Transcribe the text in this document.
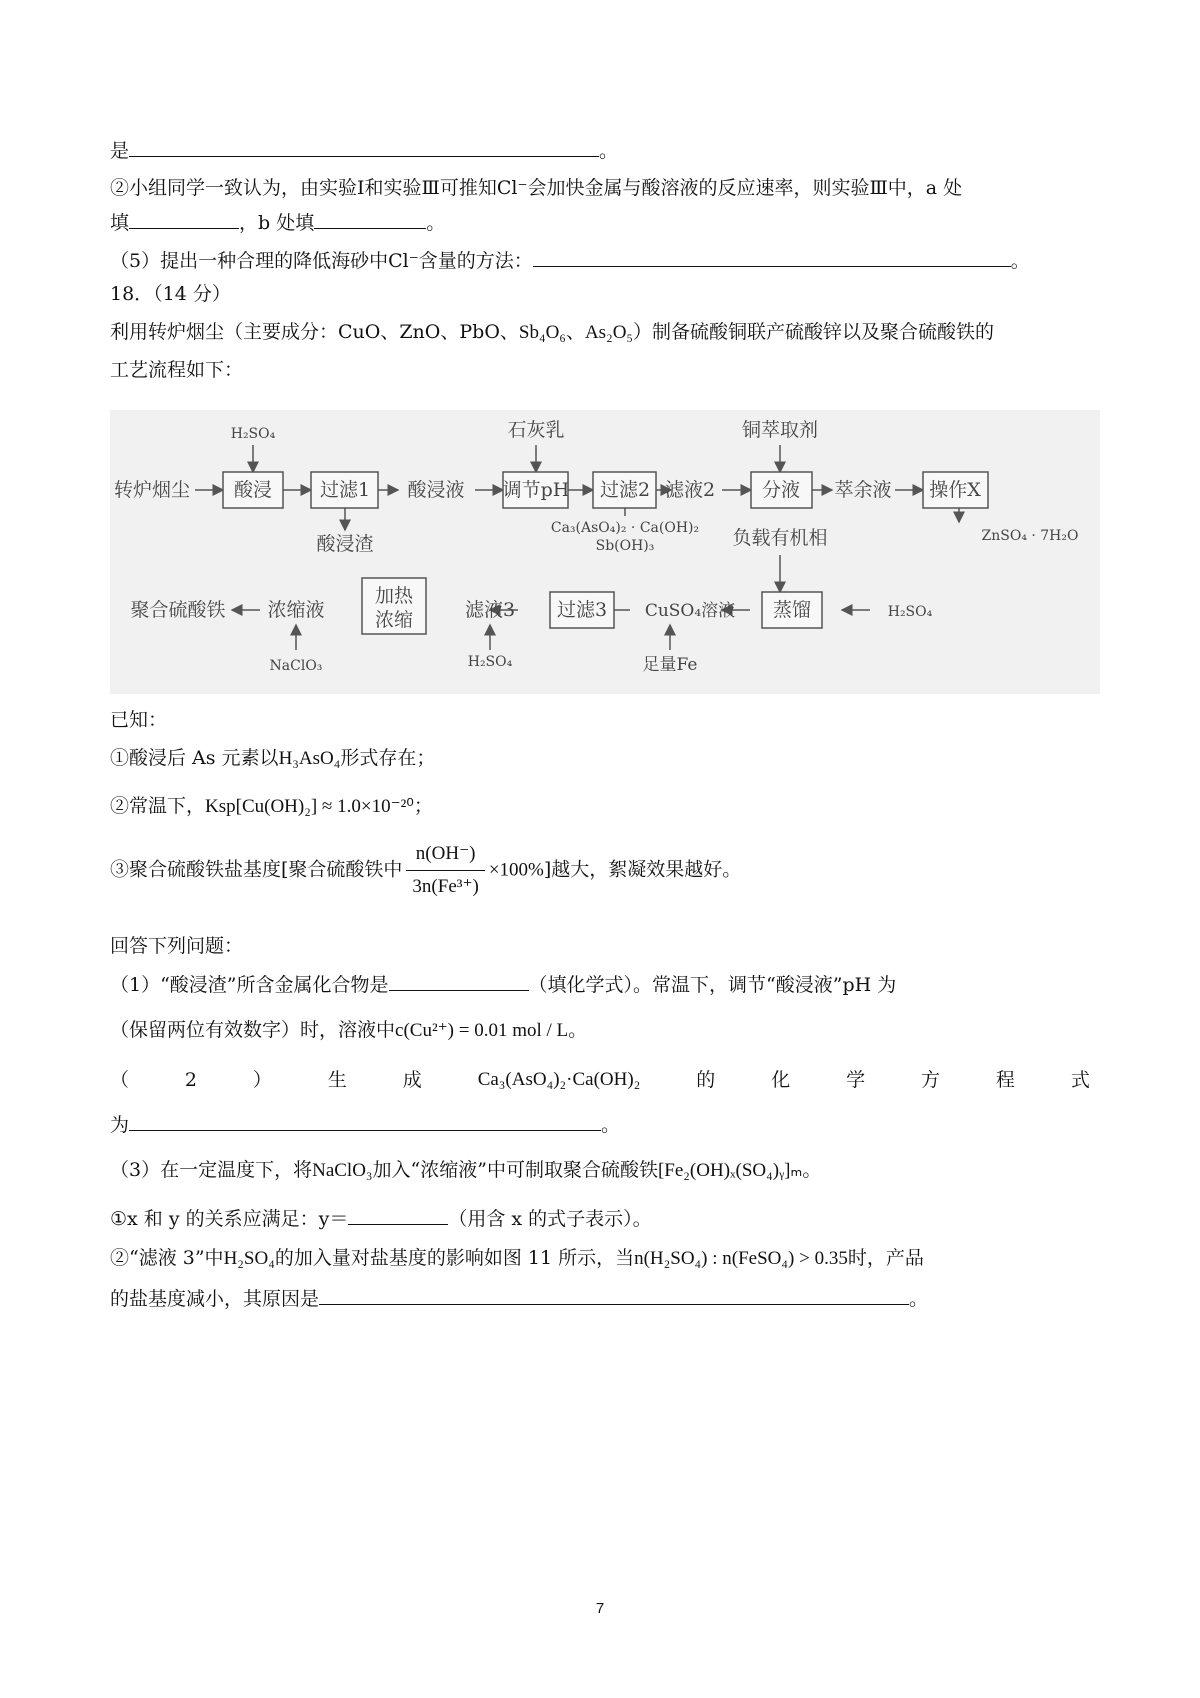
是	。
②小组同学一致认为，由实验Ⅰ和实验Ⅲ可推知Cl⁻会加快金属与酸溶液的反应速率，则实验Ⅲ中，a 处
填	，b 处填	。
（5）提出一种合理的降低海砂中Cl⁻含量的方法：	。
18．（14 分）
利用转炉烟尘（主要成分：CuO、ZnO、PbO、Sb₄O₆、As₂O₅）制备硫酸铜联产硫酸锌以及聚合硫酸铁的
工艺流程如下：
H₂SO₄
转炉烟尘 酸浸	过滤1
酸浸渣
酸浸液
石灰乳
调节pH 过滤2
Ca₃(AsO₄)₂ · Ca(OH)₂
Sb(OH)₃
滤液2
铜萃取剂
分液 萃余液 操作X
ZnSO₄ · 7H₂O
负载有机相
蒸馏	H₂SO₄
CuSO₄溶液
足量Fe
过滤3
滤液3
H₂SO₄
加热
浓缩
浓缩液
NaClO₃
聚合硫酸铁
已知：
①酸浸后 As 元素以H₃AsO₄形式存在；
②常温下，Ksp[Cu(OH)₂] ≈ 1.0×10⁻²⁰；
③聚合硫酸铁盐基度[聚合硫酸铁中 $\frac{n(OH^-)}{\text{3n(Fe³⁺)}} \times 100\%$]越大，絮凝效果越好。
回答下列问题：
（1）“酸浸渣”所含金属化合物是	（填化学式）。常温下，调节“酸浸液”pH 为
（保留两位有效数字）时，溶液中c(Cu²⁺) = 0.01 mol / L。
（	2	）	生	成	Ca₃(AsO₄)₂·Ca(OH)₂	的	化	学	方	程	式
为	。
（3）在一定温度下，将NaClO₃加入“浓缩液”中可制取聚合硫酸铁[Fe₂(OH)ₓ(SO₄)ᵧ]ₘ。
①x 和 y 的关系应满足：y＝	（用含 x 的式子表示）。
②“滤液 3”中H₂SO₄的加入量对盐基度的影响如图 11 所示，当n(H₂SO₄) : n(FeSO₄) > 0.35时，产品
的盐基度减小，其原因是	。
7
